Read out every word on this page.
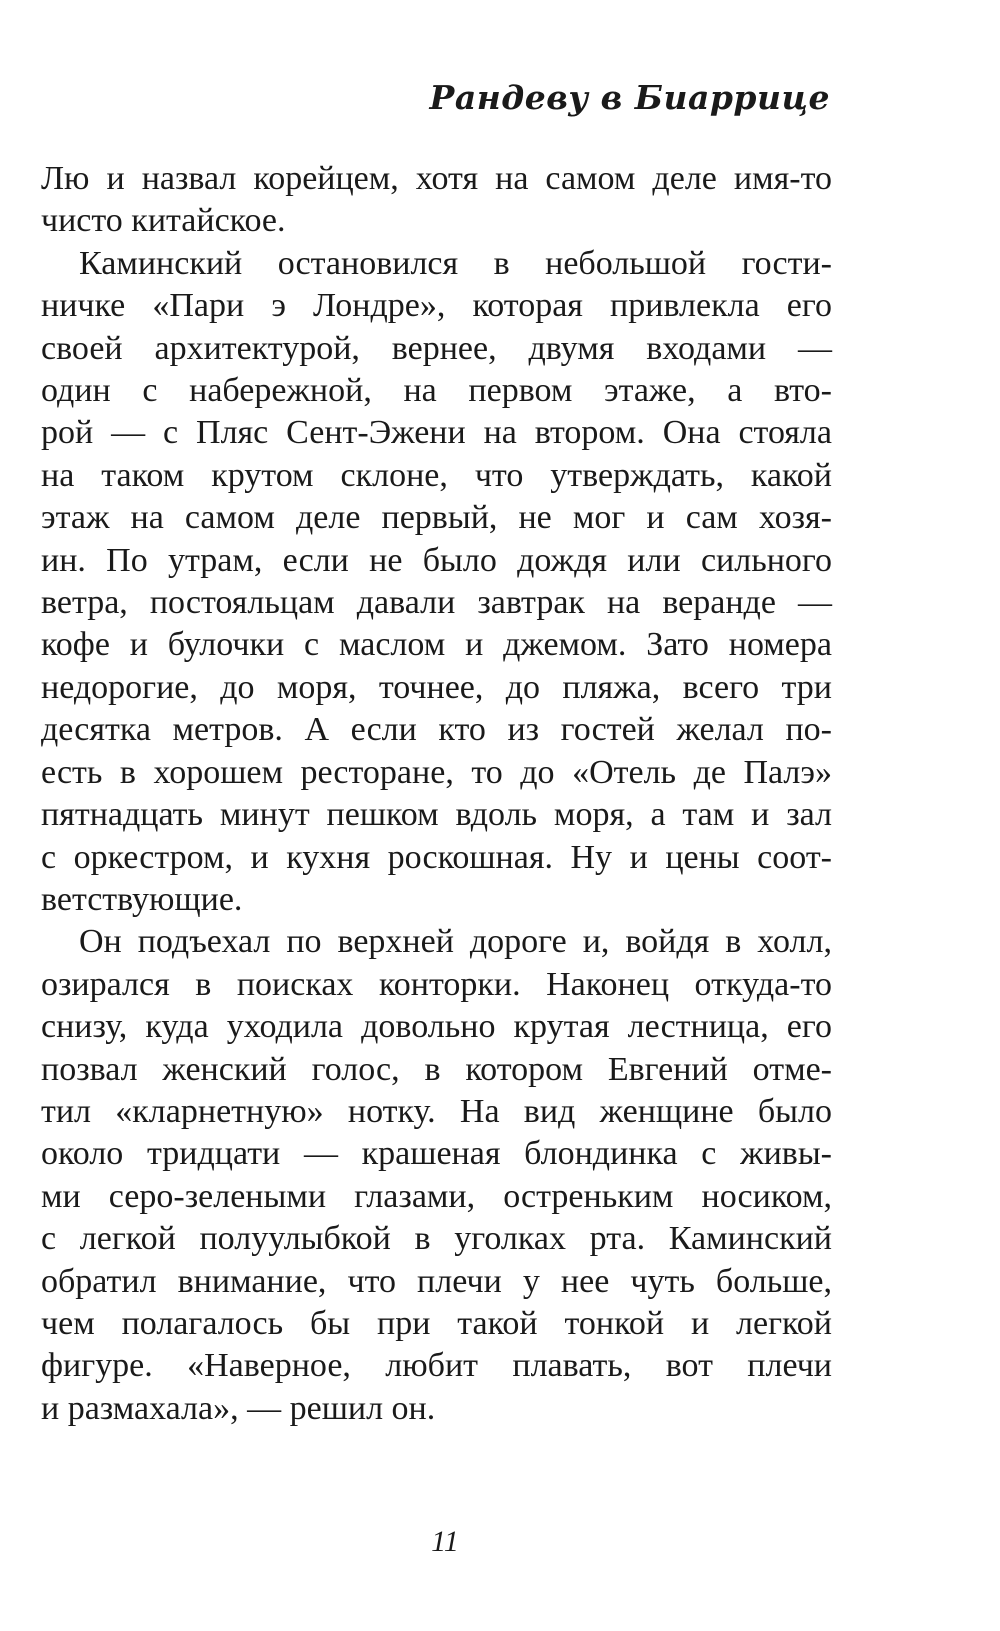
Рандеву в Биаррице

Лю и назвал корейцем, хотя на самом деле имя-то
чисто китайское.

Каминский остановился в небольшой гости-
ничке «Пари э Лондре», которая привлекла его
своей архитектурой, вернее, двумя входами —
один с набережной, на первом этаже, а вто-
рой — с Пляс Сент-Эжени на втором. Она стояла
на таком крутом склоне, что утверждать, какой
этаж на самом деле первый, не мог и сам хозя-
ин. По утрам, если не было дождя или сильного
ветра, постояльцам давали завтрак на веранде —
кофе и булочки с маслом и джемом. Зато номера
недорогие, до моря, точнее, до пляжа, всего три
десятка метров. А если кто из гостей желал по-
есть в хорошем ресторане, то до «Отель де Палэ»
пятнадцать минут пешком вдоль моря, а там и зал
с оркестром, и кухня роскошная. Ну и цены соот-
ветствующие.

Он подъехал по верхней дороге и, войдя в холл,
озирался в поисках конторки. Наконец откуда-то
снизу, куда уходила довольно крутая лестница, его
позвал женский голос, в котором Евгений отме-
тил «кларнетную» нотку. На вид женщине было
около тридцати — крашеная блондинка с живы-
ми серо-зелеными глазами, остреньким носиком,
с легкой полуулыбкой в уголках рта. Каминский
обратил внимание, что плечи у нее чуть больше,
чем полагалось бы при такой тонкой и легкой
фигуре. «Наверное, любит плавать, вот плечи
и размахала», — решил он.

11
